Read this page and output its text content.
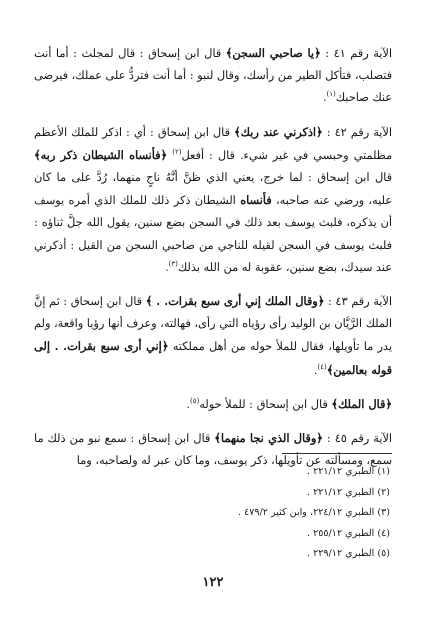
الآية رقم ٤١ : ﴿يا صاحبي السجن﴾ قال ابن إسحاق : قال لمجلث : أما أنت فتصلب، فتأكل الطير من رأسك، وقال لنبو : أما أنت فتردُّ على عملك، فيرضى عنك صاحبك$^{(١)}$.

الآية رقم ٤٢ : ﴿اذكرني عند ربك﴾ قال ابن إسحاق : أي : اذكر للملك الأعظم مظلمتي وحبسي في غير شيء. قال : أفعل$^{(٢)}$ ﴿فأنساه الشيطان ذكر ربه﴾ قال ابن إسحاق : لما خرج، يعني الذي ظنَّ أنَّهُ ناجٍ منهما، رُدَّ على ما كان عليه، ورضي عنه صاحبه، فأنساه الشيطان ذكر ذلك للملك الذي أمره يوسف أن يذكره، فلبث يوسف بعد ذلك في السجن بضع سنين، يقول الله جلَّ ثناؤه : فلبث يوسف في السجن لقيله للناجي من صاحبي السجن من القيل : أذكرني عند سيدك، بضع سنين، عقوبة له من الله بذلك$^{(٣)}$.

الآية رقم ٤٣ : ﴿وقال الملك إني أرى سبع بقرات. . ﴾ قال ابن إسحاق : ثم إنَّ الملك الرَّيَّان بن الوليد رأى رؤياه التي رأى، فهالته، وعرف أنها رؤيا واقعة، ولم يدر ما تأويلها، فقال للملأ حوله من أهل مملكته ﴿إني أرى سبع بقرات. . إلى قوله بعالمين﴾$^{(٤)}$.

﴿قال الملك﴾ قال ابن إسحاق : للملأ حوله$^{(٥)}$.

الآية رقم ٤٥ : ﴿وقال الذي نجا منهما﴾ قال ابن إسحاق : سمع نبو من ذلك ما سمع، ومسألته عن تأويلها، ذكر يوسف، وما كان عبر له ولصاحبه، وما

(١) الطبري ٢٢١/١٢ .
(٢) الطبري ٢٢١/١٢ .
(٣) الطبري ٢٢٤/١٢، وابن كثير ٤٧٩/٢ .
(٤) الطبري ٢٥٥/١٢ .
(٥) الطبري ٢٢٩/١٢ .
١٢٢
